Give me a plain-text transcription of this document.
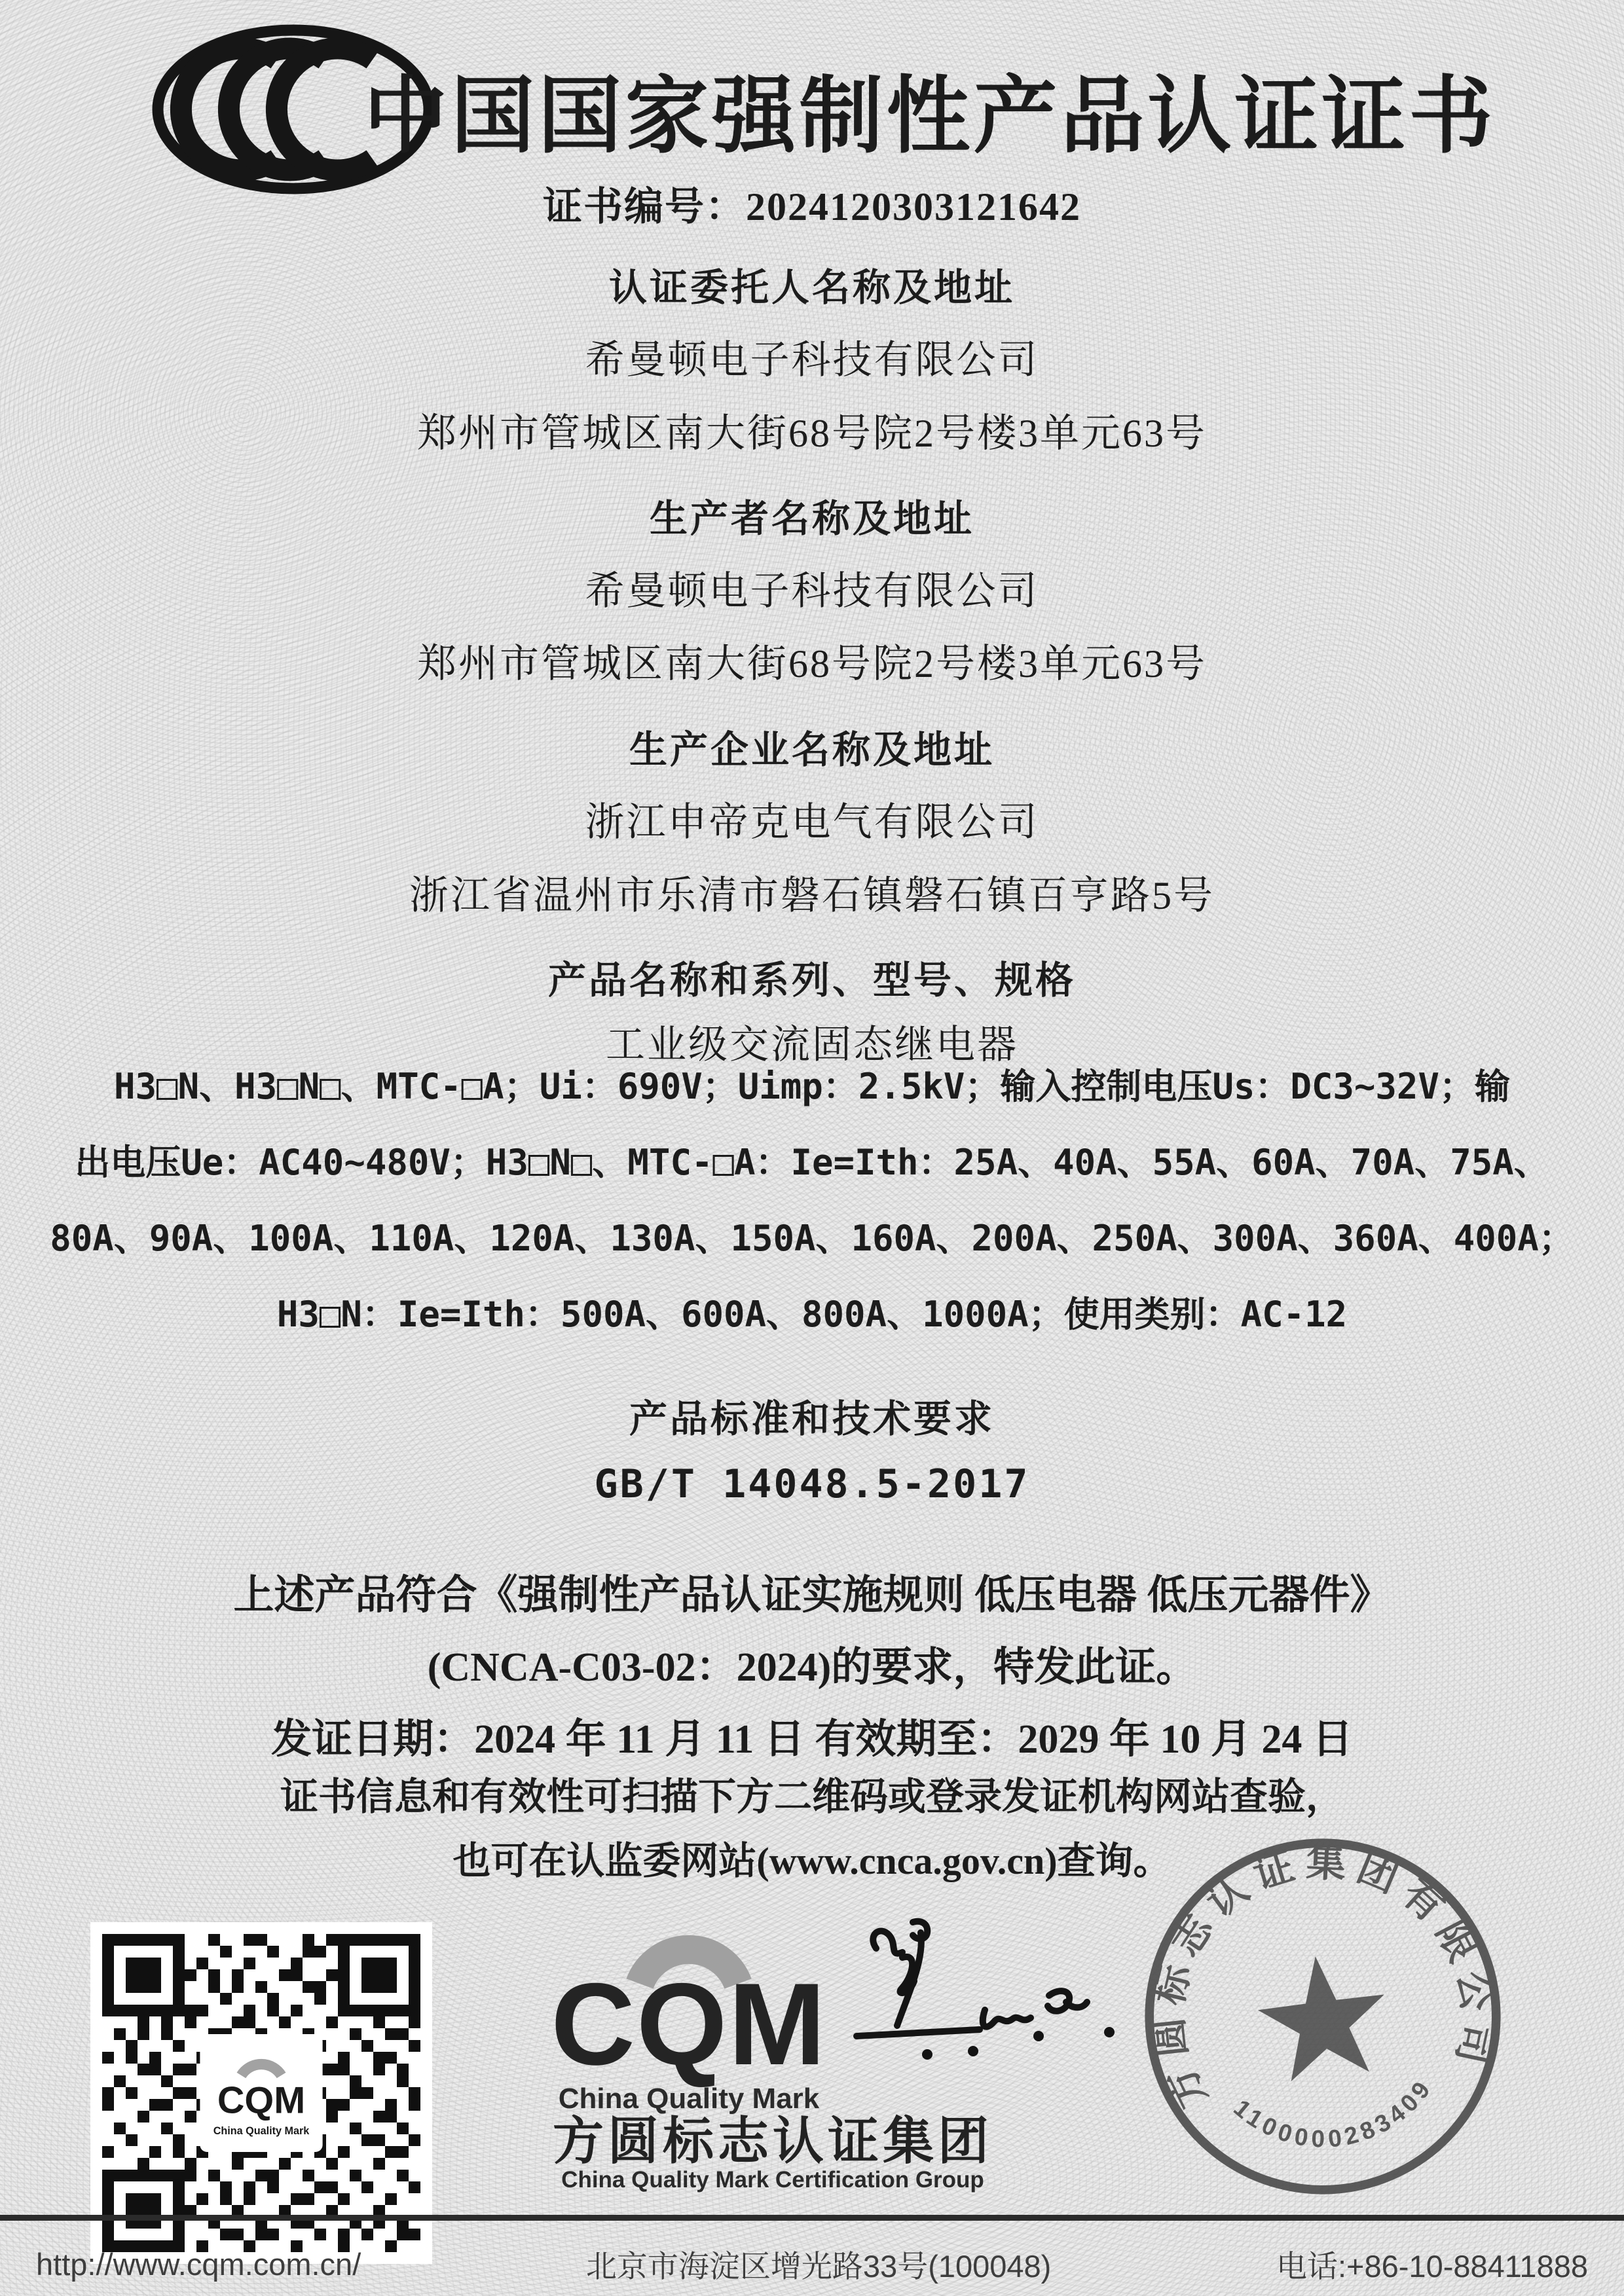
中国国家强制性产品认证证书
证书编号：2024120303121642
认证委托人名称及地址
希曼顿电子科技有限公司
郑州市管城区南大街68号院2号楼3单元63号
生产者名称及地址
希曼顿电子科技有限公司
郑州市管城区南大街68号院2号楼3单元63号
生产企业名称及地址
浙江申帝克电气有限公司
浙江省温州市乐清市磐石镇磐石镇百亨路5号
产品名称和系列、型号、规格
工业级交流固态继电器
H3□N、H3□N□、MTC-□A；Ui：690V；Uimp：2.5kV；输入控制电压Us：DC3~32V；输
出电压Ue：AC40~480V；H3□N□、MTC-□A：Ie=Ith：25A、40A、55A、60A、70A、75A、
80A、90A、100A、110A、120A、130A、150A、160A、200A、250A、300A、360A、400A；
H3□N：Ie=Ith：500A、600A、800A、1000A；使用类别：AC-12
产品标准和技术要求
GB/T 14048.5-2017
上述产品符合《强制性产品认证实施规则 低压电器 低压元器件》
(CNCA-C03-02：2024)的要求，特发此证。
发证日期：2024 年 11 月 11 日 有效期至：2029 年 10 月 24 日
证书信息和有效性可扫描下方二维码或登录发证机构网站查验，
也可在认监委网站(www.cnca.gov.cn)查询。
CQM
China Quality Mark
CQM
China Quality Mark
方圆标志认证集团
China Quality Mark Certification Group
方圆标志认证集团有限公司
1100000283409
http://www.cqm.com.cn/	北京市海淀区增光路33号(100048)	电话:+86-10-88411888
